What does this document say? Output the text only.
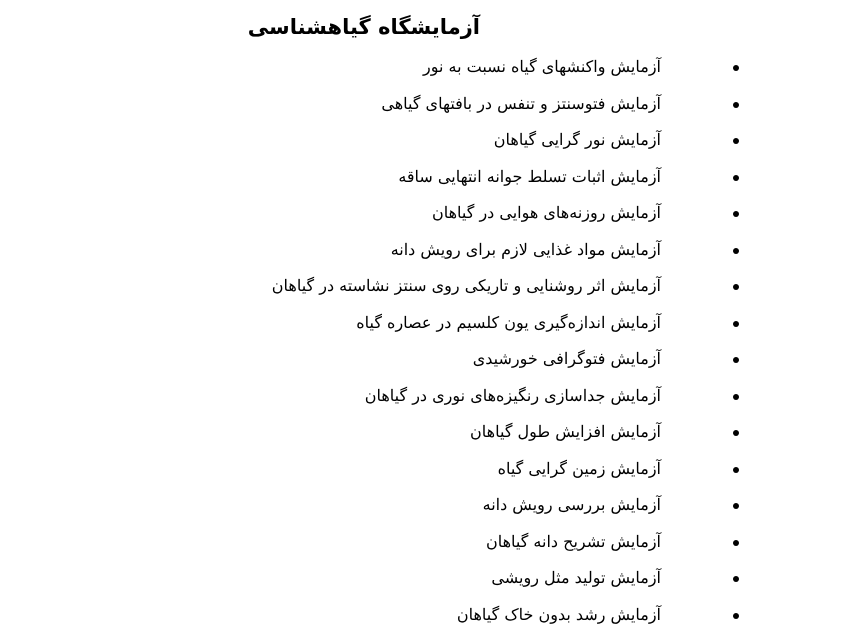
آزمایشگاه گیاهشناسی
آزمایش واکنشهای گیاه نسبت به نور
آزمایش فتوسنتز و تنفس در بافتهای گیاهی
آزمایش نور گرایی گیاهان
آزمایش اثبات تسلط جوانه انتهایی ساقه
آزمایش روزنه‌های هوایی در گیاهان
آزمایش مواد غذایی لازم برای رویش دانه
آزمایش اثر روشنایی و تاریکی روی سنتز نشاسته در گیاهان
آزمایش اندازه‌گیری یون کلسیم در عصاره گیاه
آزمایش فتوگرافی خورشیدی
آزمایش جداسازی رنگیزه‌های نوری در گیاهان
آزمایش افزایش طول گیاهان
آزمایش زمین گرایی گیاه
آزمایش بررسی رویش دانه
آزمایش تشریح دانه گیاهان
آزمایش تولید مثل رویشی
آزمایش رشد بدون خاک گیاهان
